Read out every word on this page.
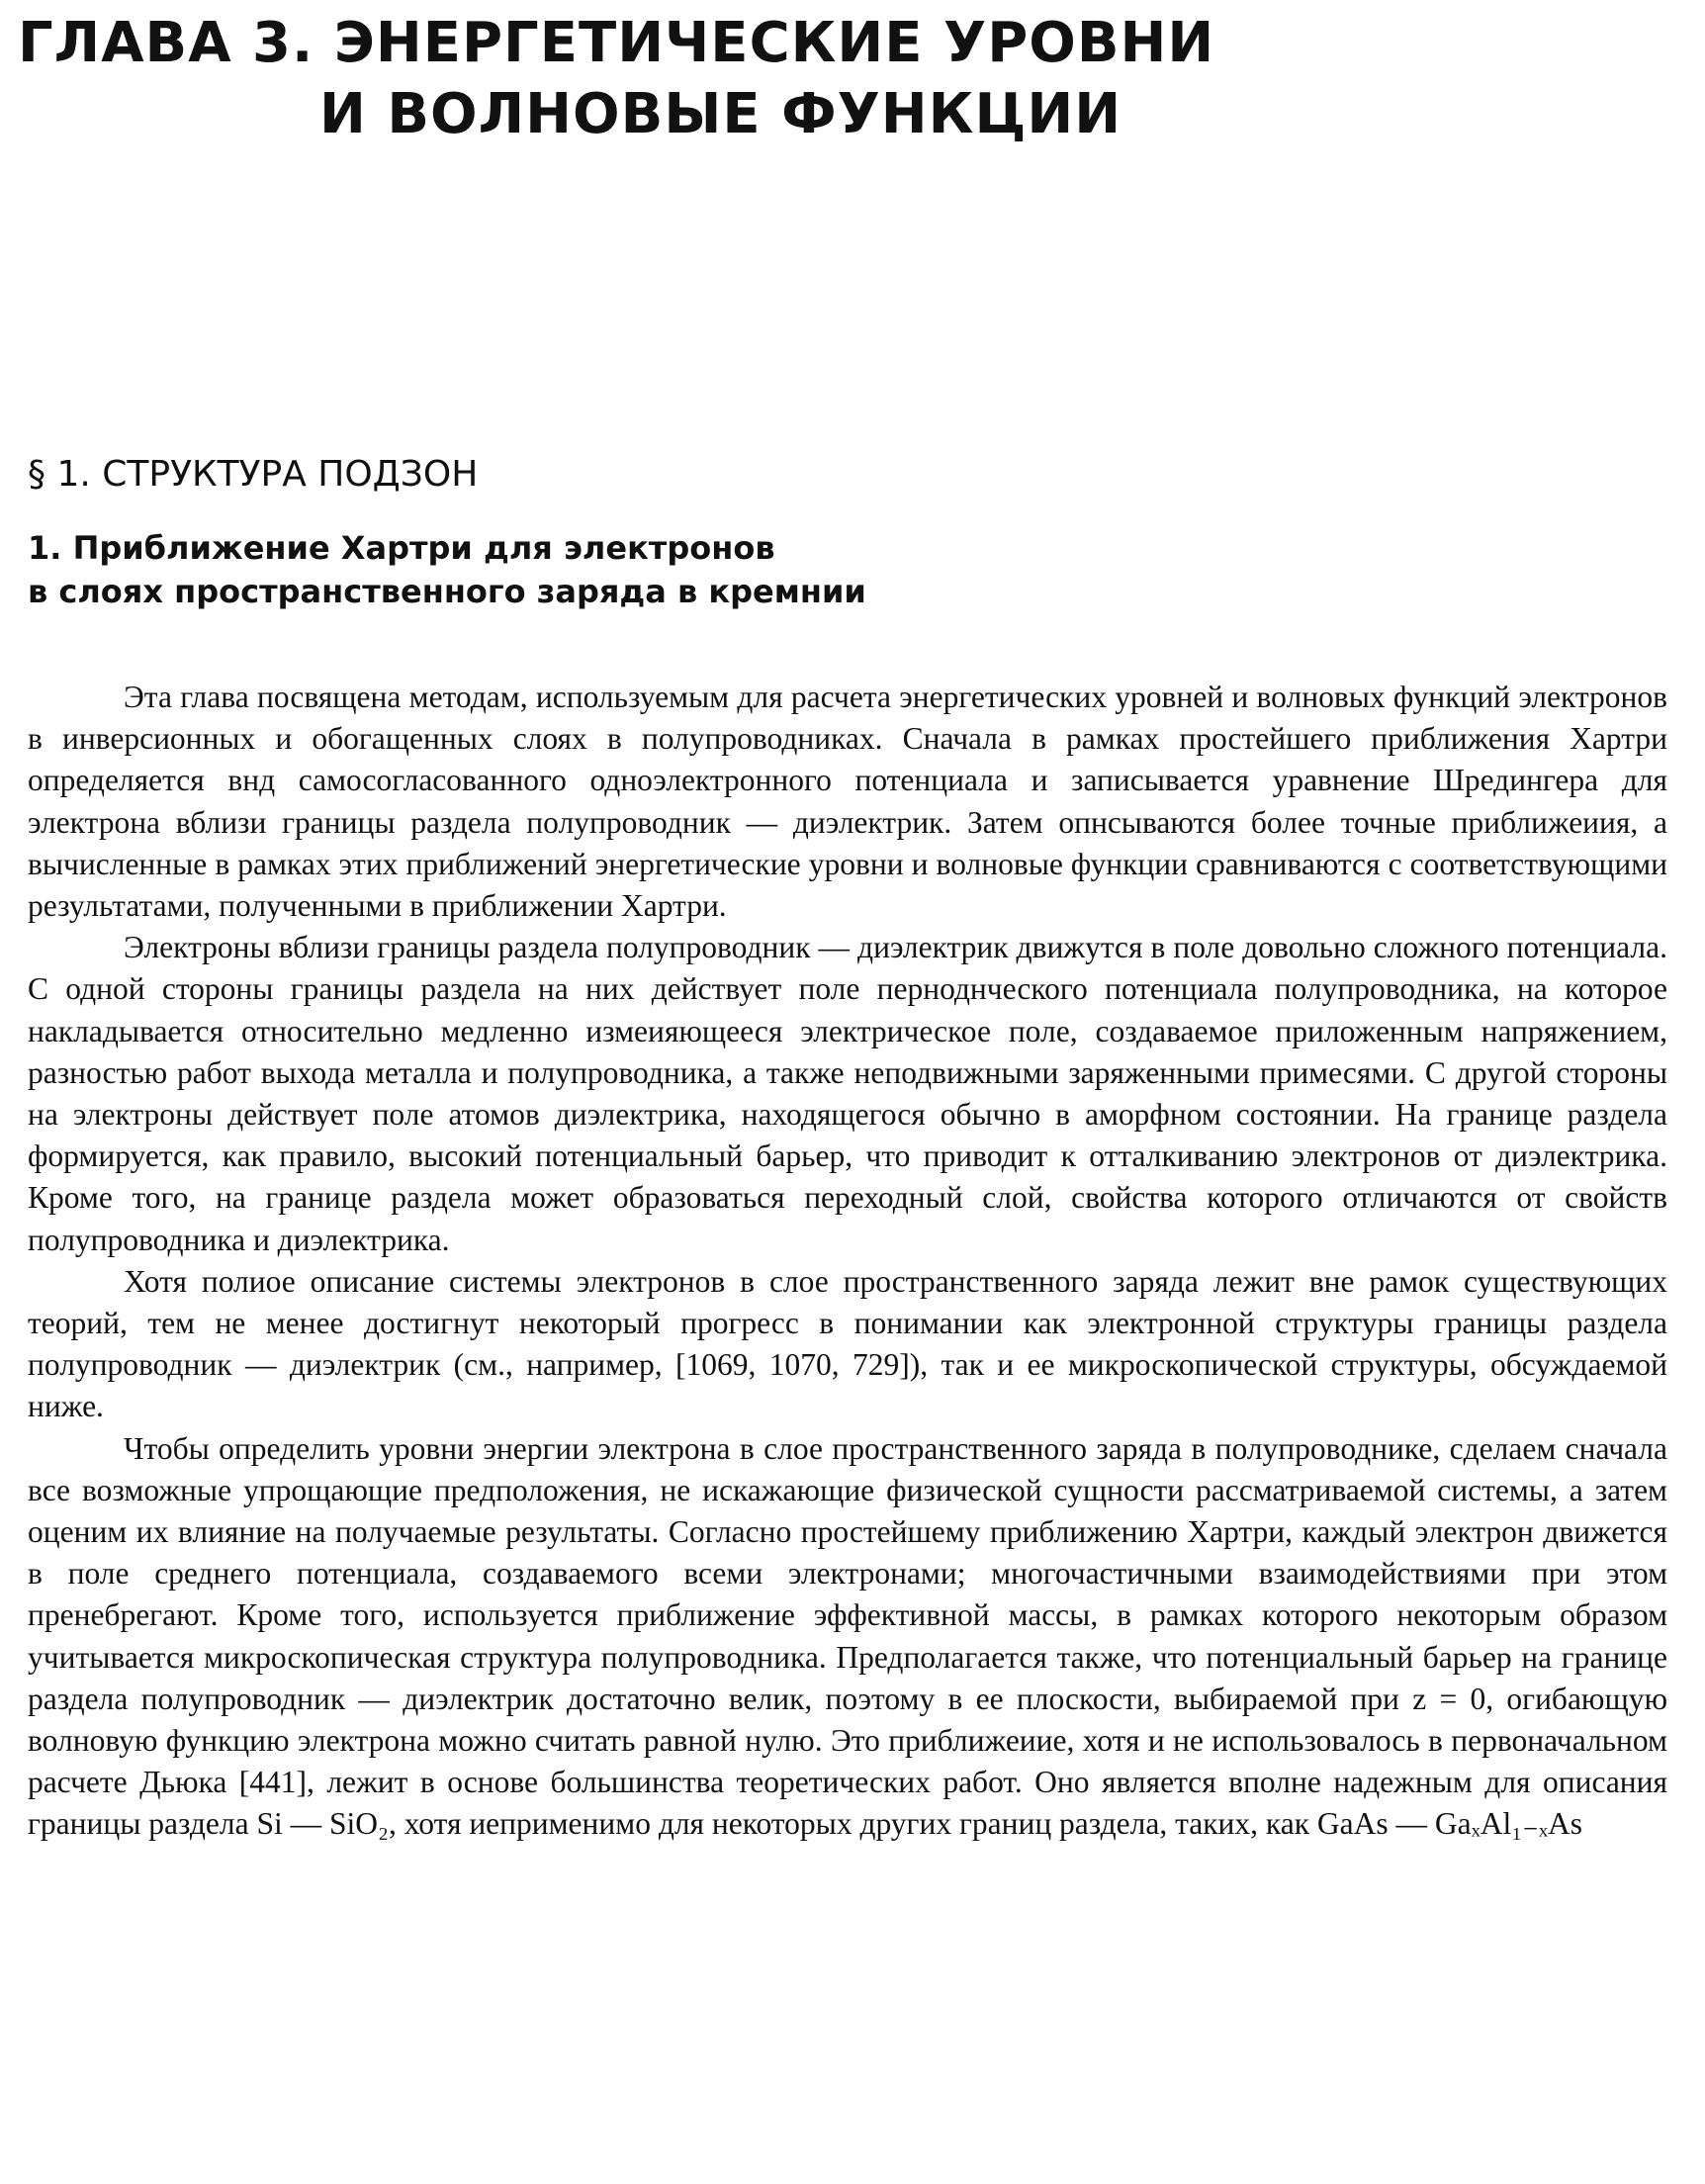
ГЛАВА 3. ЭНЕРГЕТИЧЕСКИЕ УРОВНИ
И ВОЛНОВЫЕ ФУНКЦИИ
§ 1. СТРУКТУРА ПОДЗОН
1. Приближение Хартри для электронов
в слоях пространственного заряда в кремнии

Эта глава посвящена методам, используемым для расчета энергетических уровней и волновых функций электронов в инверсионных и обогащенных слоях в полупроводниках. Сначала в рамках простейшего приближения Хартри определяется внд самосогласованного одноэлектронного потенциала и записывается уравнение Шредингера для электрона вблизи границы раздела полупроводник — диэлектрик. Затем опнсываются более точные приближеиия, а вычисленные в рамках этих приближений энергетические уровни и волновые функции сравниваются с соответствующими результатами, полученными в приближении Хартри.

Электроны вблизи границы раздела полупроводник — диэлектрик движутся в поле довольно сложного потенциала. С одной стороны границы раздела на них действует поле перноднческого потенциала полупроводника, на которое накладывается относительно медленно измеияющееся электрическое поле, создаваемое приложенным напряжением, разностью работ выхода металла и полупроводника, а также неподвижными заряженными примесями. С другой стороны на электроны действует поле атомов диэлектрика, находящегося обычно в аморфном состоянии. На границе раздела формируется, как правило, высокий потенциальный барьер, что приводит к отталкиванию электронов от диэлектрика. Кроме того, на границе раздела может образоваться переходный слой, свойства которого отличаются от свойств полупроводника и диэлектрика.

Хотя полиое описание системы электронов в слое пространственного заряда лежит вне рамок существующих теорий, тем не менее достигнут некоторый прогресс в понимании как электронной структуры границы раздела полупроводник — диэлектрик (см., например, [1069, 1070, 729]), так и ее микроскопической структуры, обсуждаемой ниже.

Чтобы определить уровни энергии электрона в слое пространственного заряда в полупроводнике, сделаем сначала все возможные упрощающие предположения, не искажающие физической сущности рассматриваемой системы, а затем оценим их влияние на получаемые результаты. Согласно простейшему приближению Хартри, каждый электрон движется в поле среднего потенциала, создаваемого всеми электронами; многочастичными взаимодействиями при этом пренебрегают. Кроме того, используется приближение эффективной массы, в рамках которого некоторым образом учитывается микроскопическая структура полупроводника. Предполагается также, что потенциальный барьер на границе раздела полупроводник — диэлектрик достаточно велик, поэтому в ее плоскости, выбираемой при z = 0, огибающую волновую функцию электрона можно считать равной нулю. Это приближеиие, хотя и не использовалось в первоначальном расчете Дьюка [441], лежит в основе большинства теоретических работ. Оно является вполне надежным для описания границы раздела Si — SiO₂, хотя иеприменимо для некоторых других границ раздела, таких, как GaAs — GaₓAl₁₋ₓAs
